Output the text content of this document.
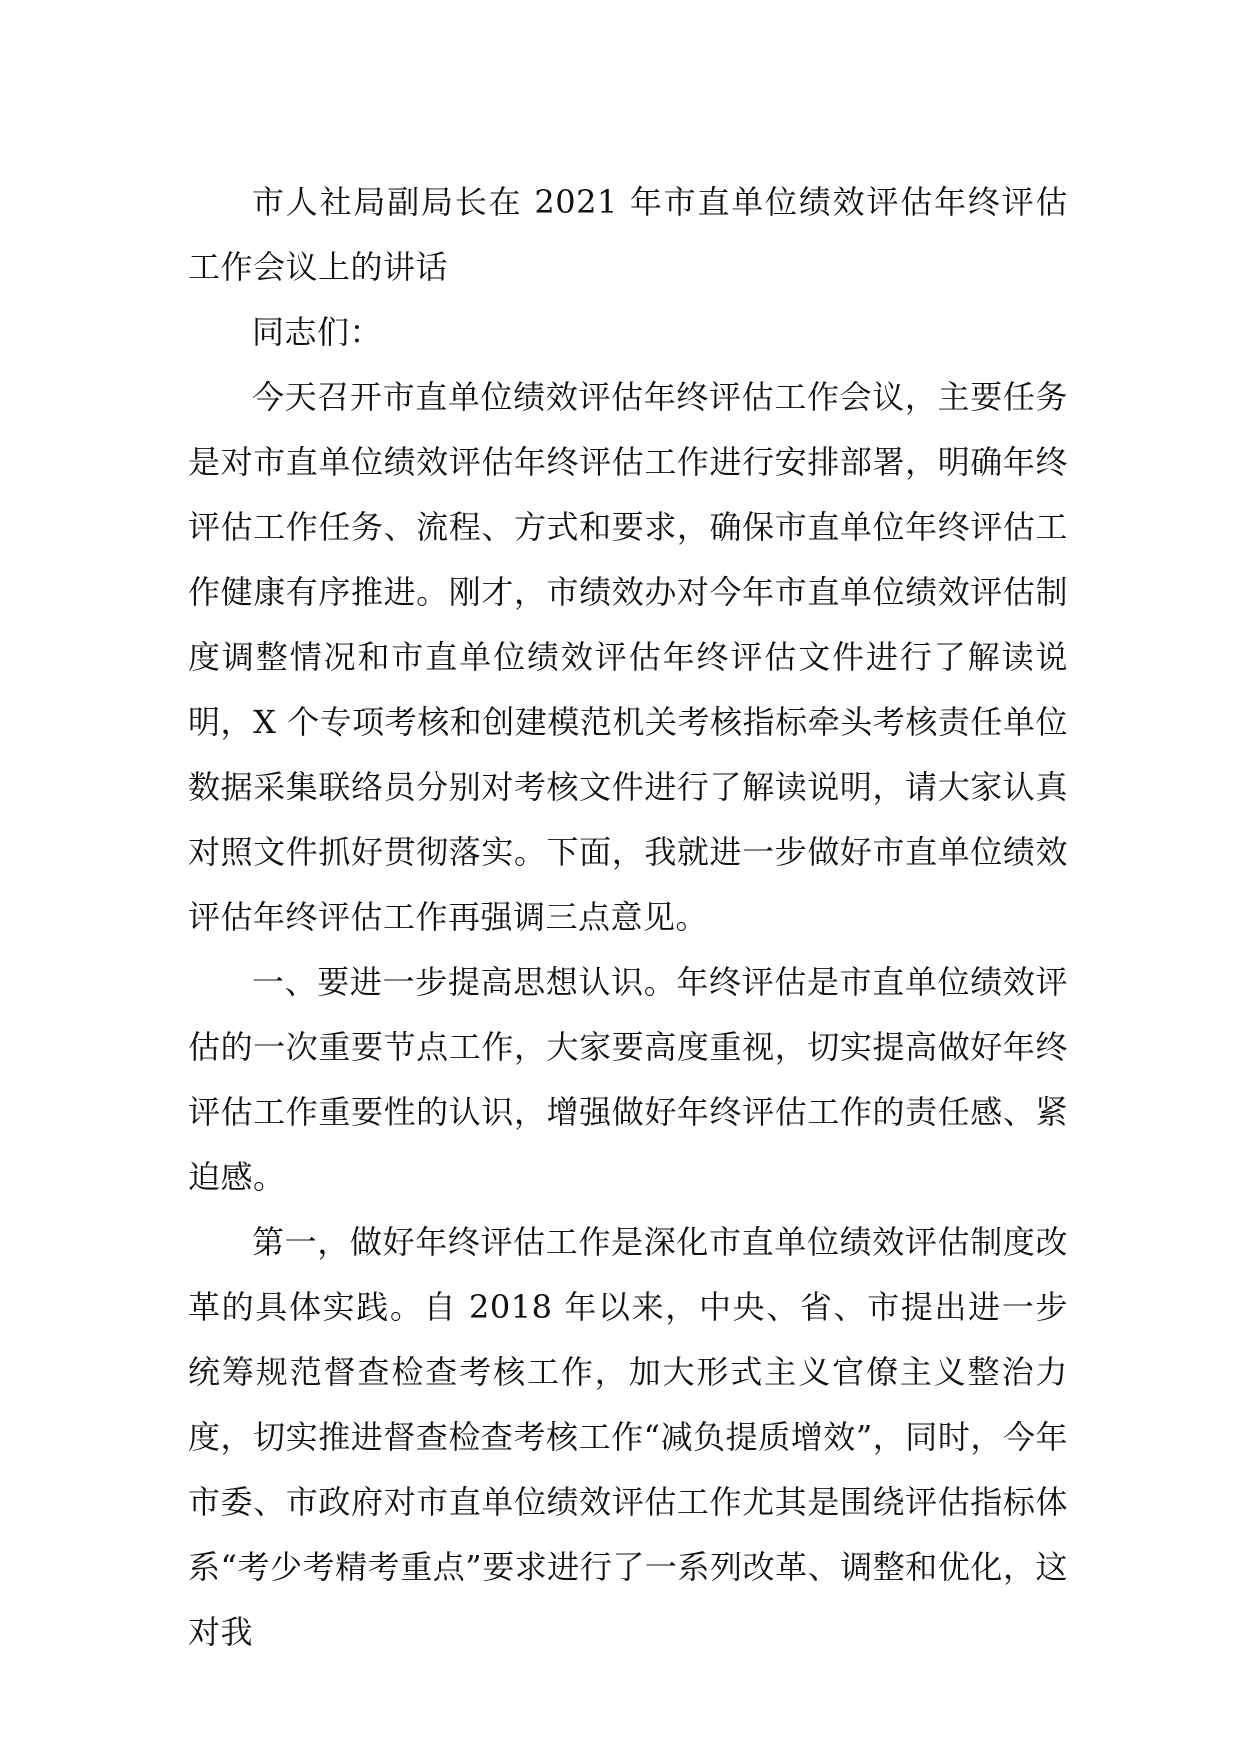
市人社局副局长在 2021 年市直单位绩效评估年终评估 工作会议上的讲话

同志们：

今天召开市直单位绩效评估年终评估工作会议，主要任务是对市直单位绩效评估年终评估工作进行安排部署，明确年终评估工作任务、流程、方式和要求，确保市直单位年终评估工作健康有序推进。刚才，市绩效办对今年市直单位绩效评估制度调整情况和市直单位绩效评估年终评估文件进行了解读说明，X 个专项考核和创建模范机关考核指标牵头考核责任单位数据采集联络员分别对考核文件进行了解读说明，请大家认真对照文件抓好贯彻落实。下面，我就进一步做好市直单位绩效评估年终评估工作再强调三点意见。

一、要进一步提高思想认识。年终评估是市直单位绩效评估的一次重要节点工作，大家要高度重视，切实提高做好年终评估工作重要性的认识，增强做好年终评估工作的责任感、紧迫感。

第一，做好年终评估工作是深化市直单位绩效评估制度改革的具体实践。自 2018 年以来，中央、省、市提出进一步统筹规范督查检查考核工作，加大形式主义官僚主义整治力度，切实推进督查检查考核工作“减负提质增效”，同时，今年市委、市政府对市直单位绩效评估工作尤其是围绕评估指标体系“考少考精考重点”要求进行了一系列改革、调整和优化，这对我
